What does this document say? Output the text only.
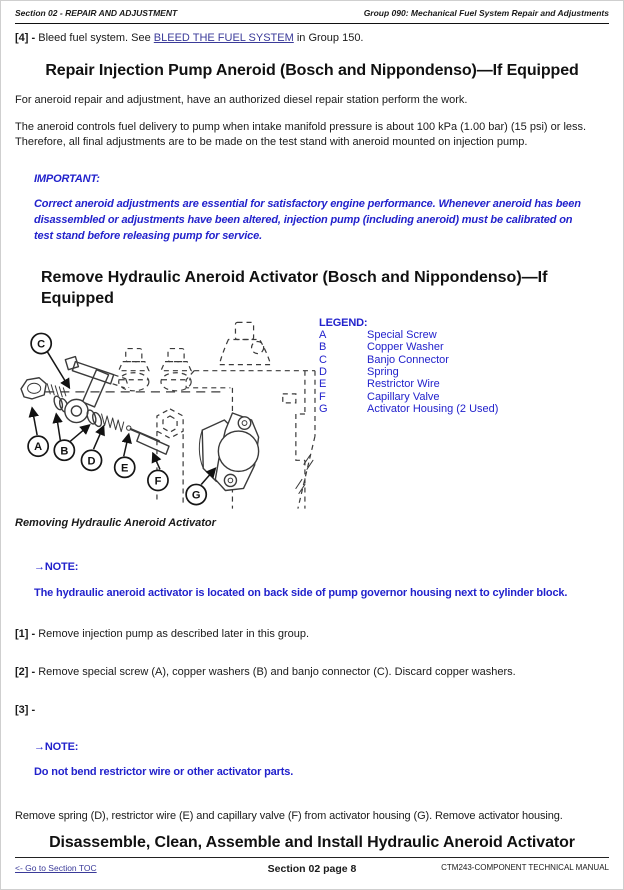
Section 02 - REPAIR AND ADJUSTMENT	Group 090: Mechanical Fuel System Repair and Adjustments
[4] - Bleed fuel system. See BLEED THE FUEL SYSTEM in Group 150.
Repair Injection Pump Aneroid (Bosch and Nippondenso)—If Equipped

For aneroid repair and adjustment, have an authorized diesel repair station perform the work.

The aneroid controls fuel delivery to pump when intake manifold pressure is about 100 kPa (1.00 bar) (15 psi) or less. Therefore, all final adjustments are to be made on the test stand with aneroid mounted on injection pump.

IMPORTANT:
Correct aneroid adjustments are essential for satisfactory engine performance. Whenever aneroid has been disassembled or adjustments have been altered, injection pump (including aneroid) must be calibrated on test stand before releasing pump for service.
Remove Hydraulic Aneroid Activator (Bosch and Nippondenso)—If Equipped
C
A B
D
E
F
G
LEGEND:
A	Special Screw
B	Copper Washer
C	Banjo Connector
D	Spring
E	Restrictor Wire
F	Capillary Valve
G	Activator Housing (2 Used)
Removing Hydraulic Aneroid Activator
→NOTE:
The hydraulic aneroid activator is located on back side of pump governor housing next to cylinder block.
[1] - Remove injection pump as described later in this group.
[2] - Remove special screw (A), copper washers (B) and banjo connector (C). Discard copper washers.
[3] -
→NOTE:
Do not bend restrictor wire or other activator parts.

Remove spring (D), restrictor wire (E) and capillary valve (F) from activator housing (G). Remove activator housing.

Disassemble, Clean, Assemble and Install Hydraulic Aneroid Activator
<- Go to Section TOC	Section 02 page 8	CTM243-COMPONENT TECHNICAL MANUAL
